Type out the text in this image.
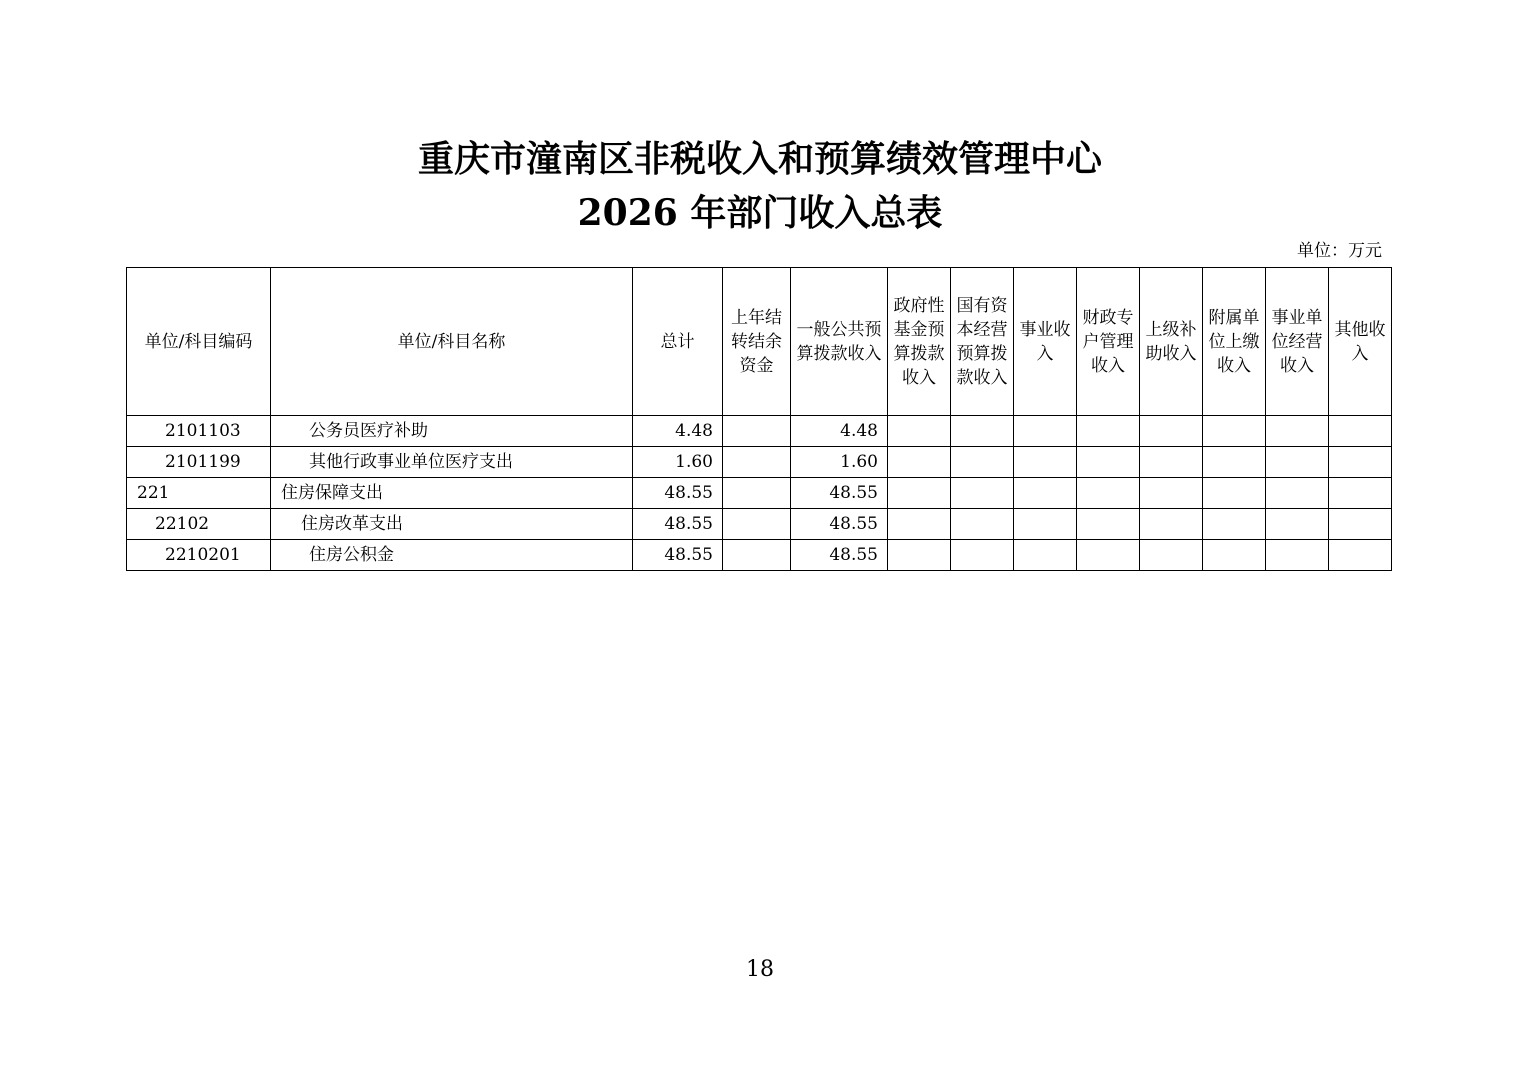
重庆市潼南区非税收入和预算绩效管理中心
2026 年部门收入总表
单位：万元
单位/科目编码	单位/科目名称	总计	上年结转结余资金	一般公共预算拨款收入	政府性基金预算拨款收入	国有资本经营预算拨款收入	事业收入	财政专户管理收入	上级补助收入	附属单位上缴收入	事业单位经营收入	其他收入
2101103	公务员医疗补助	4.48		4.48								
2101199	其他行政事业单位医疗支出	1.60		1.60								
221	住房保障支出	48.55		48.55								
22102	住房改革支出	48.55		48.55								
2210201	住房公积金	48.55		48.55								
18
